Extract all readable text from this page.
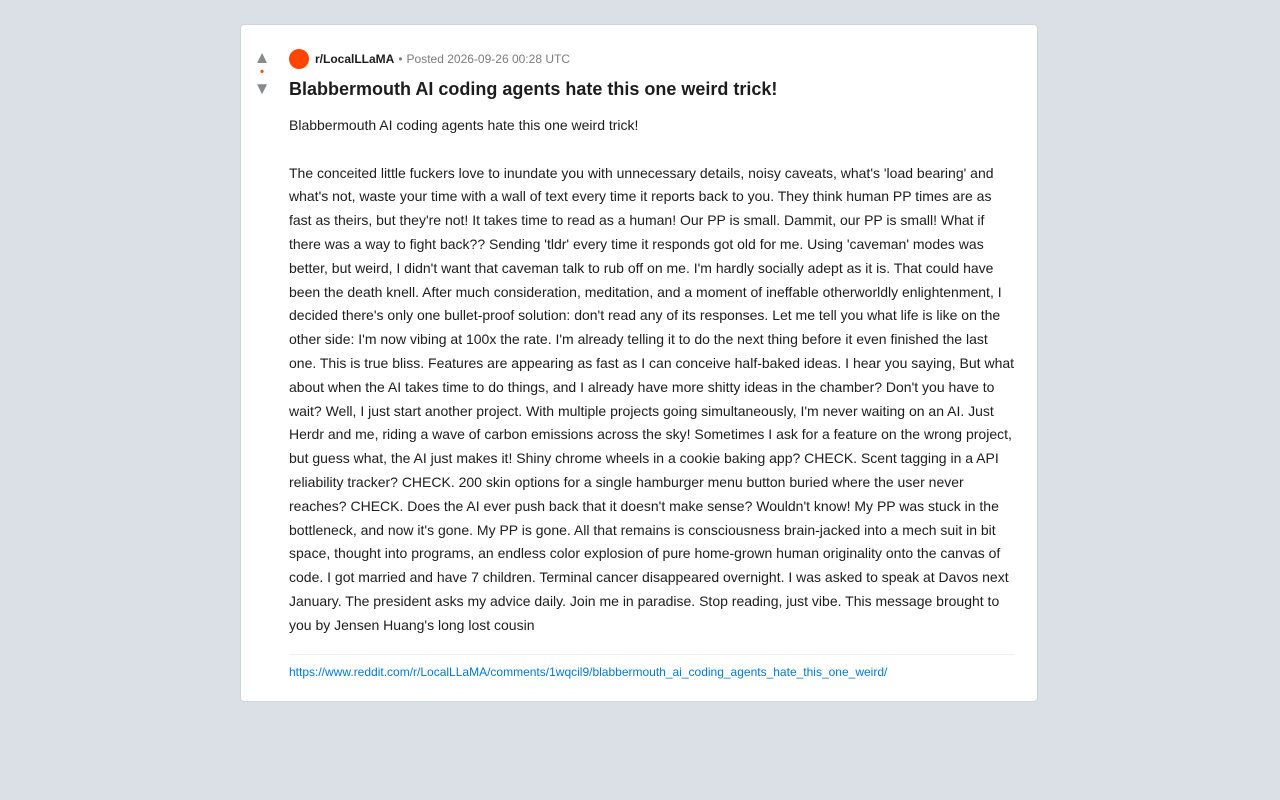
▲
•
▼
r/LocalLLaMA • Posted 2026-09-26 00:28 UTC
Blabbermouth AI coding agents hate this one weird trick!

Blabbermouth AI coding agents hate this one weird trick!

The conceited little fuckers love to inundate you with unnecessary details, noisy caveats, what's 'load bearing' and what's not, waste your time with a wall of text every time it reports back to you. They think human PP times are as fast as theirs, but they're not! It takes time to read as a human! Our PP is small. Dammit, our PP is small! What if there was a way to fight back?? Sending 'tldr' every time it responds got old for me. Using 'caveman' modes was better, but weird, I didn't want that caveman talk to rub off on me. I'm hardly socially adept as it is. That could have been the death knell. After much consideration, meditation, and a moment of ineffable otherworldly enlightenment, I decided there's only one bullet-proof solution: don't read any of its responses. Let me tell you what life is like on the other side: I'm now vibing at 100x the rate. I'm already telling it to do the next thing before it even finished the last one. This is true bliss. Features are appearing as fast as I can conceive half-baked ideas. I hear you saying, But what about when the AI takes time to do things, and I already have more shitty ideas in the chamber? Don't you have to wait? Well, I just start another project. With multiple projects going simultaneously, I'm never waiting on an AI. Just Herdr and me, riding a wave of carbon emissions across the sky! Sometimes I ask for a feature on the wrong project, but guess what, the AI just makes it! Shiny chrome wheels in a cookie baking app? CHECK. Scent tagging in a API reliability tracker? CHECK. 200 skin options for a single hamburger menu button buried where the user never reaches? CHECK. Does the AI ever push back that it doesn't make sense? Wouldn't know! My PP was stuck in the bottleneck, and now it's gone. My PP is gone. All that remains is consciousness brain-jacked into a mech suit in bit space, thought into programs, an endless color explosion of pure home-grown human originality onto the canvas of code. I got married and have 7 children. Terminal cancer disappeared overnight. I was asked to speak at Davos next January. The president asks my advice daily. Join me in paradise. Stop reading, just vibe. This message brought to you by Jensen Huang's long lost cousin

https://www.reddit.com/r/LocalLLaMA/comments/1wqcil9/blabbermouth_ai_coding_agents_hate_this_one_weird/
